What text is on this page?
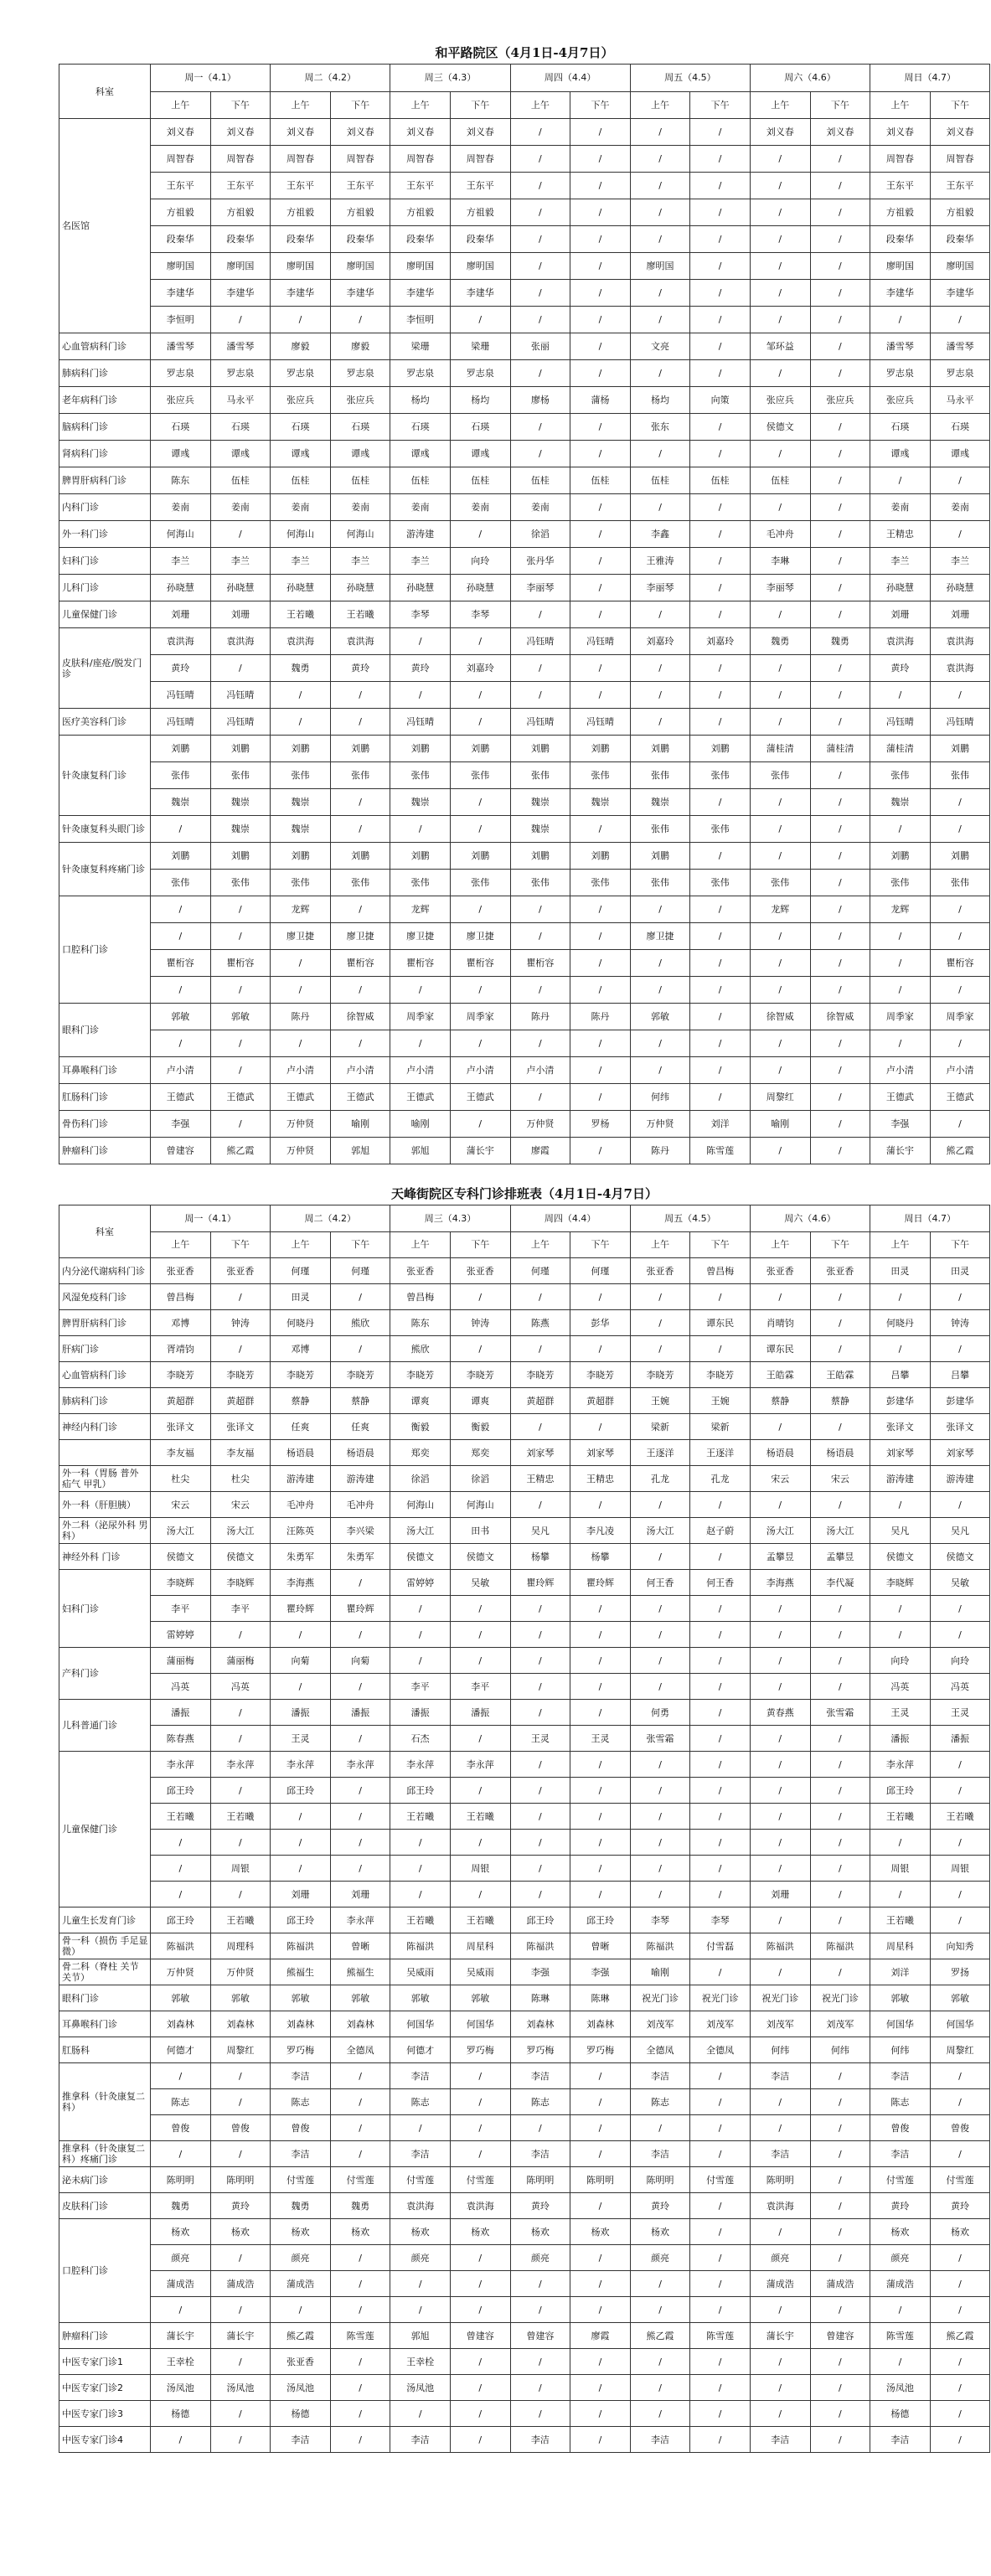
和平路院区（4月1日-4月7日）
科室	周一（4.1）		周二（4.2）		周三（4.3）		周四（4.4）		周五（4.5）		周六（4.6）		周日（4.7）	
	上午	下午	上午	下午	上午	下午	上午	下午	上午	下午	上午	下午	上午	下午
名医馆	刘义春	刘义春	刘义春	刘义春	刘义春	刘义春	/	/	/	/	刘义春	刘义春	刘义春	刘义春
	周智春	周智春	周智春	周智春	周智春	周智春	/	/	/	/	/	/	周智春	周智春
	王东平	王东平	王东平	王东平	王东平	王东平	/	/	/	/	/	/	王东平	王东平
	方祖毅	方祖毅	方祖毅	方祖毅	方祖毅	方祖毅	/	/	/	/	/	/	方祖毅	方祖毅
	段秦华	段秦华	段秦华	段秦华	段秦华	段秦华	/	/	/	/	/	/	段秦华	段秦华
	廖明国	廖明国	廖明国	廖明国	廖明国	廖明国	/	/	廖明国	/	/	/	廖明国	廖明国
	李建华	李建华	李建华	李建华	李建华	李建华	/	/	/	/	/	/	李建华	李建华
	李恒明	/	/	/	李恒明	/	/	/	/	/	/	/	/	/
心血管病科门诊	潘雪琴	潘雪琴	廖毅	廖毅	梁珊	梁珊	张丽	/	文亮	/	邹环益	/	潘雪琴	潘雪琴
肺病科门诊	罗志泉	罗志泉	罗志泉	罗志泉	罗志泉	罗志泉	/	/	/	/	/	/	罗志泉	罗志泉
老年病科门诊	张应兵	马永平	张应兵	张应兵	杨均	杨均	廖杨	蒲杨	杨均	向策	张应兵	张应兵	张应兵	马永平
脑病科门诊	石瑛	石瑛	石瑛	石瑛	石瑛	石瑛	/	/	张东	/	侯德文	/	石瑛	石瑛
肾病科门诊	谭彧	谭彧	谭彧	谭彧	谭彧	谭彧	/	/	/	/	/	/	谭彧	谭彧
脾胃肝病科门诊	陈东	伍桂	伍桂	伍桂	伍桂	伍桂	伍桂	伍桂	伍桂	伍桂	伍桂	/	/	/
内科门诊	姜南	姜南	姜南	姜南	姜南	姜南	姜南	/	/	/	/	/	姜南	姜南
外一科门诊	何海山	/	何海山	何海山	游涛建	/	徐滔	/	李鑫	/	毛冲舟	/	王精忠	/
妇科门诊	李兰	李兰	李兰	李兰	李兰	向玲	张丹华	/	王雅涛	/	李琳	/	李兰	李兰
儿科门诊	孙晓慧	孙晓慧	孙晓慧	孙晓慧	孙晓慧	孙晓慧	李丽琴	/	李丽琴	/	李丽琴	/	孙晓慧	孙晓慧
儿童保健门诊	刘珊	刘珊	王若曦	王若曦	李琴	李琴	/	/	/	/	/	/	刘珊	刘珊
皮肤科/座疮/脱发门诊	袁洪海	袁洪海	袁洪海	袁洪海	/	/	冯钰晴	冯钰晴	刘嘉玲	刘嘉玲	魏勇	魏勇	袁洪海	袁洪海
	黄玲	/	魏勇	黄玲	黄玲	刘嘉玲	/	/	/	/	/	/	黄玲	袁洪海
	冯钰晴	冯钰晴	/	/	/	/	/	/	/	/	/	/	/	/
医疗美容科门诊	冯钰晴	冯钰晴	/	/	冯钰晴	/	冯钰晴	冯钰晴	/	/	/	/	冯钰晴	冯钰晴
针灸康复科门诊	刘鹏	刘鹏	刘鹏	刘鹏	刘鹏	刘鹏	刘鹏	刘鹏	刘鹏	刘鹏	蒲桂清	蒲桂清	蒲桂清	刘鹏
	张伟	张伟	张伟	张伟	张伟	张伟	张伟	张伟	张伟	张伟	张伟	/	张伟	张伟
	魏崇	魏崇	魏崇	/	魏崇	/	魏崇	魏崇	魏崇	/	/	/	魏崇	/
针灸康复科头眼门诊	/	魏崇	魏崇	/	/	/	魏崇	/	张伟	张伟	/	/	/	/
针灸康复科疼痛门诊	刘鹏	刘鹏	刘鹏	刘鹏	刘鹏	刘鹏	刘鹏	刘鹏	刘鹏	/	/	/	刘鹏	刘鹏
	张伟	张伟	张伟	张伟	张伟	张伟	张伟	张伟	张伟	张伟	张伟	/	张伟	张伟
口腔科门诊	/	/	龙辉	/	龙辉	/	/	/	/	/	龙辉	/	龙辉	/
	/	/	廖卫捷	廖卫捷	廖卫捷	廖卫捷	/	/	廖卫捷	/	/	/	/	/
	瞿桁容	瞿桁容	/	瞿桁容	瞿桁容	瞿桁容	瞿桁容	/	/	/	/	/	/	瞿桁容
	/	/	/	/	/	/	/	/	/	/	/	/	/	/
眼科门诊	郭敏	郭敏	陈丹	徐智威	周季家	周季家	陈丹	陈丹	郭敏	/	徐智威	徐智威	周季家	周季家
	/	/	/	/	/	/	/	/	/	/	/	/	/	/
耳鼻喉科门诊	卢小清	/	卢小清	卢小清	卢小清	卢小清	卢小清	/	/	/	/	/	卢小清	卢小清
肛肠科门诊	王德武	王德武	王德武	王德武	王德武	王德武	/	/	何纬	/	周黎红	/	王德武	王德武
骨伤科门诊	李强	/	万仲贤	喻刚	喻刚	/	万仲贤	罗杨	万仲贤	刘洋	喻刚	/	李强	/
肿瘤科门诊	曾建容	熊乙霞	万仲贤	郭旭	郭旭	蒲长宇	廖霞	/	陈丹	陈雪莲	/	/	蒲长宇	熊乙霞
天峰街院区专科门诊排班表（4月1日-4月7日）
科室	周一（4.1）		周二（4.2）		周三（4.3）		周四（4.4）		周五（4.5）		周六（4.6）		周日（4.7）	
	上午	下午	上午	下午	上午	下午	上午	下午	上午	下午	上午	下午	上午	下午
内分泌代谢病科门诊	张亚香	张亚香	何瑾	何瑾	张亚香	张亚香	何瑾	何瑾	张亚香	曾昌梅	张亚香	张亚香	田灵	田灵
风湿免疫科门诊	曾昌梅	/	田灵	/	曾昌梅	/	/	/	/	/	/	/	/	/
脾胃肝病科门诊	邓博	钟涛	何晓丹	熊欣	陈东	钟涛	陈燕	彭华	/	谭东民	肖晴钧	/	何晓丹	钟涛
肝病门诊	胥靖钧	/	邓博	/	熊欣	/	/	/	/	/	谭东民	/	/	/
心血管病科门诊	李晓芳	李晓芳	李晓芳	李晓芳	李晓芳	李晓芳	李晓芳	李晓芳	李晓芳	李晓芳	王皓霖	王皓霖	吕攀	吕攀
肺病科门诊	黄超群	黄超群	蔡静	蔡静	谭爽	谭爽	黄超群	黄超群	王婉	王婉	蔡静	蔡静	彭建华	彭建华
神经内科门诊	张译文	张译文	任爽	任爽	衡毅	衡毅	/	/	梁新	梁新	/	/	张译文	张译文
	李友福	李友福	杨语晨	杨语晨	郑奕	郑奕	刘家琴	刘家琴	王逐洋	王逐洋	杨语晨	杨语晨	刘家琴	刘家琴
外一科（胃肠 普外 疝气 甲乳）	杜尖	杜尖	游涛建	游涛建	徐滔	徐滔	王精忠	王精忠	孔龙	孔龙	宋云	宋云	游涛建	游涛建
外一科（肝胆胰）	宋云	宋云	毛冲舟	毛冲舟	何海山	何海山	/	/	/	/	/	/	/	/
外二科（泌尿外科 男科）	汤大江	汤大江	汪陈英	李兴梁	汤大江	田书	吴凡	李凡凌	汤大江	赵子蔚	汤大江	汤大江	吴凡	吴凡
神经外科 门诊	侯德文	侯德文	朱勇军	朱勇军	侯德文	侯德文	杨攀	杨攀	/	/	孟攀昱	孟攀昱	侯德文	侯德文
妇科门诊	李晓辉	李晓辉	李海燕	/	雷婷婷	吴敏	瞿玲辉	瞿玲辉	何王香	何王香	李海燕	李代凝	李晓辉	吴敏
	李平	李平	瞿玲辉	瞿玲辉	/	/	/	/	/	/	/	/	/	/
	雷婷婷	/	/	/	/	/	/	/	/	/	/	/	/	/
产科门诊	蒲丽梅	蒲丽梅	向菊	向菊	/	/	/	/	/	/	/	/	向玲	向玲
	冯英	冯英	/	/	李平	李平	/	/	/	/	/	/	冯英	冯英
儿科普通门诊	潘振	/	潘振	潘振	潘振	潘振	/	/	何勇	/	黄春燕	张雪霜	王灵	王灵
	陈春燕	/	王灵	/	石杰	/	王灵	王灵	张雪霜	/	/	/	潘振	潘振
儿童保健门诊	李永萍	李永萍	李永萍	李永萍	李永萍	李永萍	/	/	/	/	/	/	李永萍	/
	邱王玲	/	邱王玲	/	邱王玲	/	/	/	/	/	/	/	邱王玲	/
	王若曦	王若曦	/	/	王若曦	王若曦	/	/	/	/	/	/	王若曦	王若曦
	/	/	/	/	/	/	/	/	/	/	/	/	/	/
	/	周银	/	/	/	周银	/	/	/	/	/	/	周银	周银
	/	/	刘珊	刘珊	/	/	/	/	/	/	刘珊	/	/	/
儿童生长发育门诊	邱王玲	王若曦	邱王玲	李永萍	王若曦	王若曦	邱王玲	邱王玲	李琴	李琴	/	/	王若曦	/
骨一科（损伤 手足显微）	陈福洪	周理科	陈福洪	曾晰	陈福洪	周星科	陈福洪	曾晰	陈福洪	付雪磊	陈福洪	陈福洪	周星科	向知秀
骨二科（脊柱 关节 关节）	万仲贤	万仲贤	熊福生	熊福生	吴威雨	吴威雨	李强	李强	喻刚	/	/	/	刘洋	罗扬
眼科门诊	郭敏	郭敏	郭敏	郭敏	郭敏	郭敏	陈琳	陈琳	祝光门诊	祝光门诊	祝光门诊	祝光门诊	郭敏	郭敏
耳鼻喉科门诊	刘森林	刘森林	刘森林	刘森林	何国华	何国华	刘森林	刘森林	刘茂军	刘茂军	刘茂军	刘茂军	何国华	何国华
肛肠科	何德才	周黎红	罗巧梅	全德凤	何德才	罗巧梅	罗巧梅	罗巧梅	全德凤	全德凤	何纬	何纬	何纬	周黎红
推拿科（针灸康复二科）	/	/	李洁	/	李洁	/	李洁	/	李洁	/	李洁	/	李洁	/
	陈志	/	陈志	/	陈志	/	陈志	/	陈志	/	/	/	陈志	/
	曾俊	曾俊	曾俊	/	/	/	/	/	/	/	/	/	曾俊	曾俊
推拿科（针灸康复二科）疼痛门诊	/	/	李洁	/	李洁	/	李洁	/	李洁	/	李洁	/	李洁	/
泌未病门诊	陈明明	陈明明	付雪莲	付雪莲	付雪莲	付雪莲	陈明明	陈明明	陈明明	付雪莲	陈明明	/	付雪莲	付雪莲
皮肤科门诊	魏勇	黄玲	魏勇	魏勇	袁洪海	袁洪海	黄玲	/	黄玲	/	袁洪海	/	黄玲	黄玲
口腔科门诊	杨欢	杨欢	杨欢	杨欢	杨欢	杨欢	杨欢	杨欢	杨欢	/	/	/	杨欢	杨欢
	颜亮	/	颜亮	/	颜亮	/	颜亮	/	颜亮	/	颜亮	/	颜亮	/
	蒲成浩	蒲成浩	蒲成浩	/	/	/	/	/	/	/	蒲成浩	蒲成浩	蒲成浩	/
	/	/	/	/	/	/	/	/	/	/	/	/	/	/
肿瘤科门诊	蒲长宇	蒲长宇	熊乙霞	陈雪莲	郭旭	曾建容	曾建容	廖霞	熊乙霞	陈雪莲	蒲长宇	曾建容	陈雪莲	熊乙霞
中医专家门诊1	王幸栓	/	张亚香	/	王幸栓	/	/	/	/	/	/	/	/	/
中医专家门诊2	汤凤池	汤凤池	汤凤池	/	汤凤池	/	/	/	/	/	/	/	汤凤池	/
中医专家门诊3	杨德	/	杨德	/	/	/	/	/	/	/	/	/	杨德	/
中医专家门诊4	/	/	李洁	/	李洁	/	李洁	/	李洁	/	李洁	/	李洁	/
